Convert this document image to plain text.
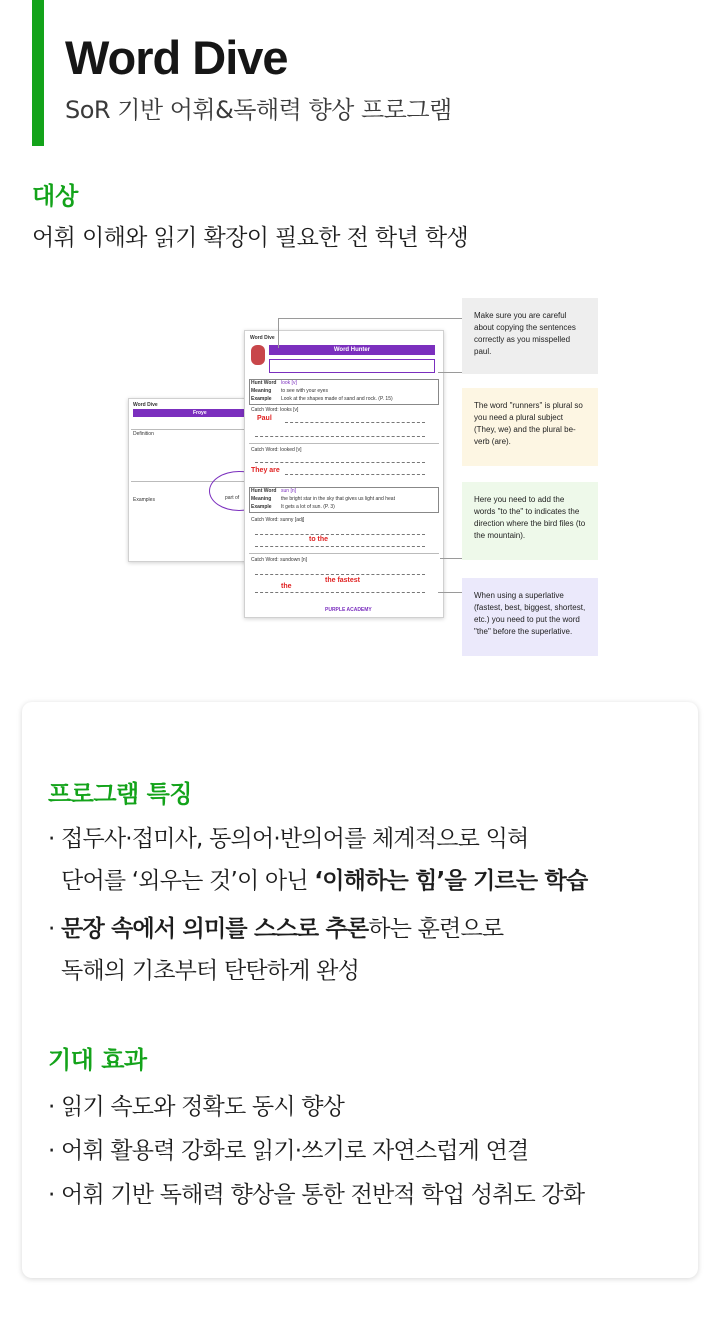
Word Dive
SoR 기반 어휘&독해력 향상 프로그램
대상
어휘 이해와 읽기 확장이 필요한 전 학년 학생
Word Dive
Froye
Definition
part of
Examples
Word Dive
Word Hunter
Hunt Word look [v]
Meaning to see with your eyes
Example Look at the shapes made of sand and rock. (P. 15)
Catch Word: looks [v]
Paul
Catch Word: looked [v]
They are
Hunt Word sun [n]
Meaning the bright star in the sky that gives us light and heat
Example It gets a lot of sun. (P. 3)
Catch Word: sunny [adj]
to the
Catch Word: sundown [n]
the fastest
the
PURPLE ACADEMY
Make sure you are careful about copying the sentences correctly as you misspelled paul.
The word "runners" is plural so you need a plural subject (They, we) and the plural be- verb (are).
Here you need to add the words "to the" to indicates the direction where the bird files (to the mountain).
When using a superlative (fastest, best, biggest, shortest, etc.) you need to put the word "the" before the superlative.
프로그램 특징
· 접두사·접미사, 동의어·반의어를 체계적으로 익혀
단어를 ‘외우는 것’이 아닌 ‘이해하는 힘’을 기르는 학습
· 문장 속에서 의미를 스스로 추론하는 훈련으로
독해의 기초부터 탄탄하게 완성
기대 효과
· 읽기 속도와 정확도 동시 향상
· 어휘 활용력 강화로 읽기·쓰기로 자연스럽게 연결
· 어휘 기반 독해력 향상을 통한 전반적 학업 성취도 강화
